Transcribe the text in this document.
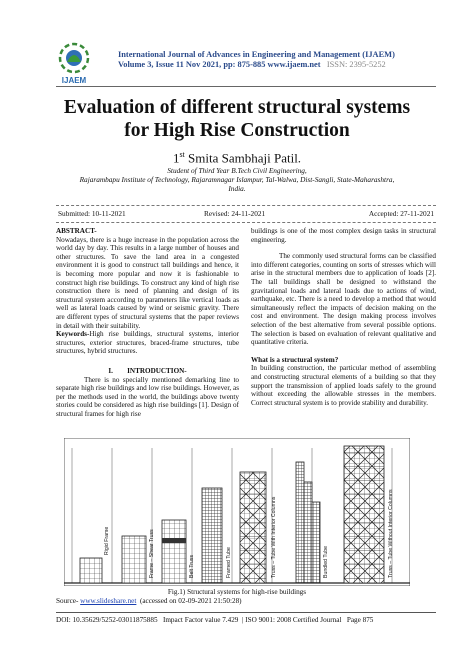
IJAEM
International Journal of Advances in Engineering and Management (IJAEM)
Volume 3, Issue 11 Nov 2021, pp: 875-885 www.ijaem.net ISSN: 2395-5252
Evaluation of different structural systems
for High Rise Construction
1st Smita Sambhaji Patil.
Student of Third Year B.Tech Civil Engineering,
Rajarambapu Institute of Technology, Rajaramnagar Islampur, Tal-Walwa, Dist-Sangli, State-Maharashtra,
India.
Submitted: 10-11-2021	Revised: 24-11-2021	Accepted: 27-11-2021

ABSTRACT-

Nowadays, there is a huge increase in the population across the world day by day. This results in a large number of houses and other structures. To save the land area in a congested environment it is good to construct tall buildings and hence, it is becoming more popular and now it is fashionable to construct high rise buildings. To construct any kind of high rise construction there is need of planning and design of its structural system according to parameters like vertical loads as well as lateral loads caused by wind or seismic gravity. There are different types of structural systems that the paper reviews in detail with their suitability.

Keywords-High rise buildings, structural systems, interior structures, exterior structures, braced-frame structures, tube structures, hybrid structures.

I.        INTRODUCTION-

There is no specially mentioned demarking line to separate high rise buildings and low rise buildings. However, as per the methods used in the world, the buildings above twenty stories could be considered as high rise buildings [1]. Design of structural frames for high rise

buildings is one of the most complex design tasks in structural engineering.

The commonly used structural forms can be classified into different categories, counting on sorts of stresses which will arise in the structural members due to application of loads [2]. The tall buildings shall be designed to withstand the gravitational loads and lateral loads due to actions of wind, earthquake, etc. There is a need to develop a method that would simultaneously reflect the impacts of decision making on the cost and environment. The design making process involves selection of the best alternative from several possible options. The selection is based on evaluation of relevant qualitative and quantitative criteria.

What is a structural system?

In building construction, the particular method of assembling and constructing structural elements of a building so that they support the transmission of applied loads safely to the ground without exceeding the allowable stresses in the members. Correct structural system is to provide stability and durability.

Rigid Frame	Frame – Shear Truss	Belt Truss	Framed Tube	Truss – Tube With Interior Columns	Bundled Tube	Truss – Tube Without Interior Columns
Fig.1) Structural systems for high-rise buildings
Source- www.slideshare.net  (accessed on 02-09-2021 21:50:28)
DOI: 10.35629/5252-03011875885   Impact Factor value 7.429  | ISO 9001: 2008 Certified Journal   Page 875
